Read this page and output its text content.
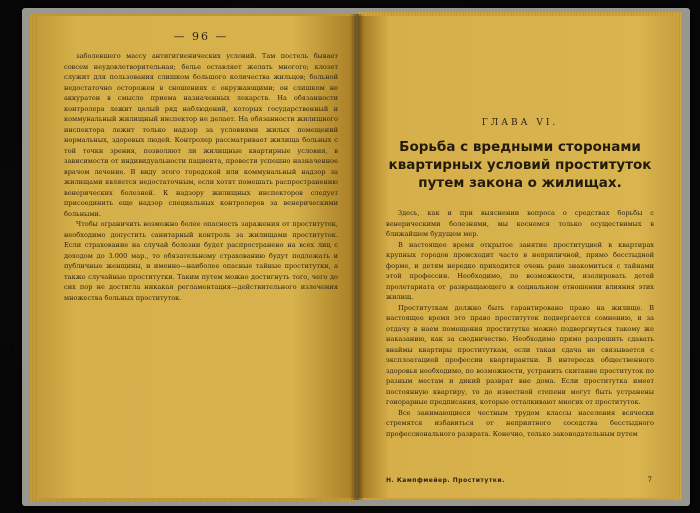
— 96 —

заболевшего массу антигигиенических условий. Там постель бывает совсем неудовлетворительная; белье оставляет желать многого; клозет служит для пользования слишком большого количества жильцов; больной недостаточно осторожен в сношениях с окружающими; он слишком не аккуратен в смысле приема назначенных лекарств. На обязанности контролера лежит целый ряд наблюдений, которых государственный и коммунальный жилищный инспектор не делает. На обязанности жилищного инспектора лежит только надзор за условиями жилых помещений нормальных, здоровых людей. Контролер рассматривает жилища больных с той точки зрения, позволяют ли жилищные квартирные условия, в зависимости от индивидуальности пациента, провести успешно назначенное врачом лечение. В виду этого городской или коммунальный надзор за жилищами является недостаточным, если хотят помешать распространению венерических болезней. К надзору жилищных инспекторов следует присоединить еще надзор специальных контролеров за венерическими больными.

Чтобы ограничить возможно более опасность заражения от проституток, необходимо допустить санитарный контроль за жилищами проституток. Если страхование на случай болезни будет распространено на всех лиц с доходом до 3.000 мар., то обязательному страхованию будут подлежать и публичные женщины, и именно—наиболее опасные тайные проститутки, а также случайные проститутки. Таким путем можно достигнуть того, чего до сих пор не достигла никакая регламентация—действительного излечения множества больных проституток.

ГЛАВА VI.
Борьба с вредными сторонами квартирных условий проституток путем закона о жилищах.

Здесь, как и при выяснении вопроса о средствах борьбы с венерическими болезнями, мы коснемся только осуществимых в ближайшем будущем мер.

В настоящее время открытое занятие проституцией в квартирах крупных городов происходит часто в неприличной, прямо бесстыдной форме, и детям нередко приходится очень рано знакомиться с тайнами этой профессии. Необходимо, по возможности, изолировать детей пролетариата от развращающего в социальном отношении влияния этих жилищ.

Проституткам должно быть гарантировано право на жилище. В настоящее время это право проституток подвергается сомнению, и за отдачу в наем помещения проститутке можно подвергнуться такому же наказанию, как за сводничество. Необходимо прямо разрешить сдавать внаймы квартиры проституткам, если такая сдача не связывается с эксплоатацией профессии квартирантки. В интересах общественного здоровья необходимо, по возможности, устранить скитание проституток по разным местам и дикий разврат вне дома. Если проститутка имеет постоянную квартиру, то до известной степени могут быть устранены гонорарные предписания, которые отталкивают многих от проституток.

Все занимающиеся честным трудом классы населения всячески стремятся избавиться от неприятного соседства бесстыдного профессионального разврата. Конечно, только законодательным путем

Н. Кампфмейер. Проститутки.	7
